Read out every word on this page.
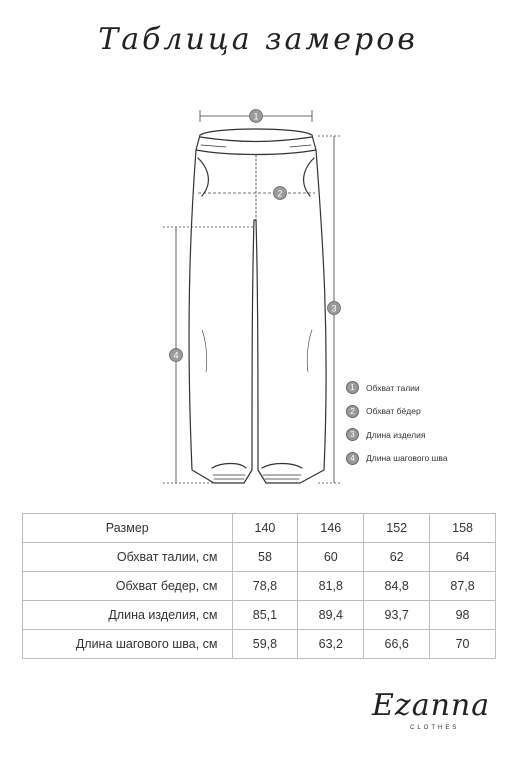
Таблица замеров
1
2
3
4
1	Обхват талии
2	Обхват бёдер
3	Длина изделия
4	Длина шагового шва
Размер	140	146	152	158
Обхват талии, см	58	60	62	64
Обхват бедер, см	78,8	81,8	84,8	87,8
Длина изделия, см	85,1	89,4	93,7	98
Длина шагового шва, см	59,8	63,2	66,6	70
Ezanna
CLOTHES
